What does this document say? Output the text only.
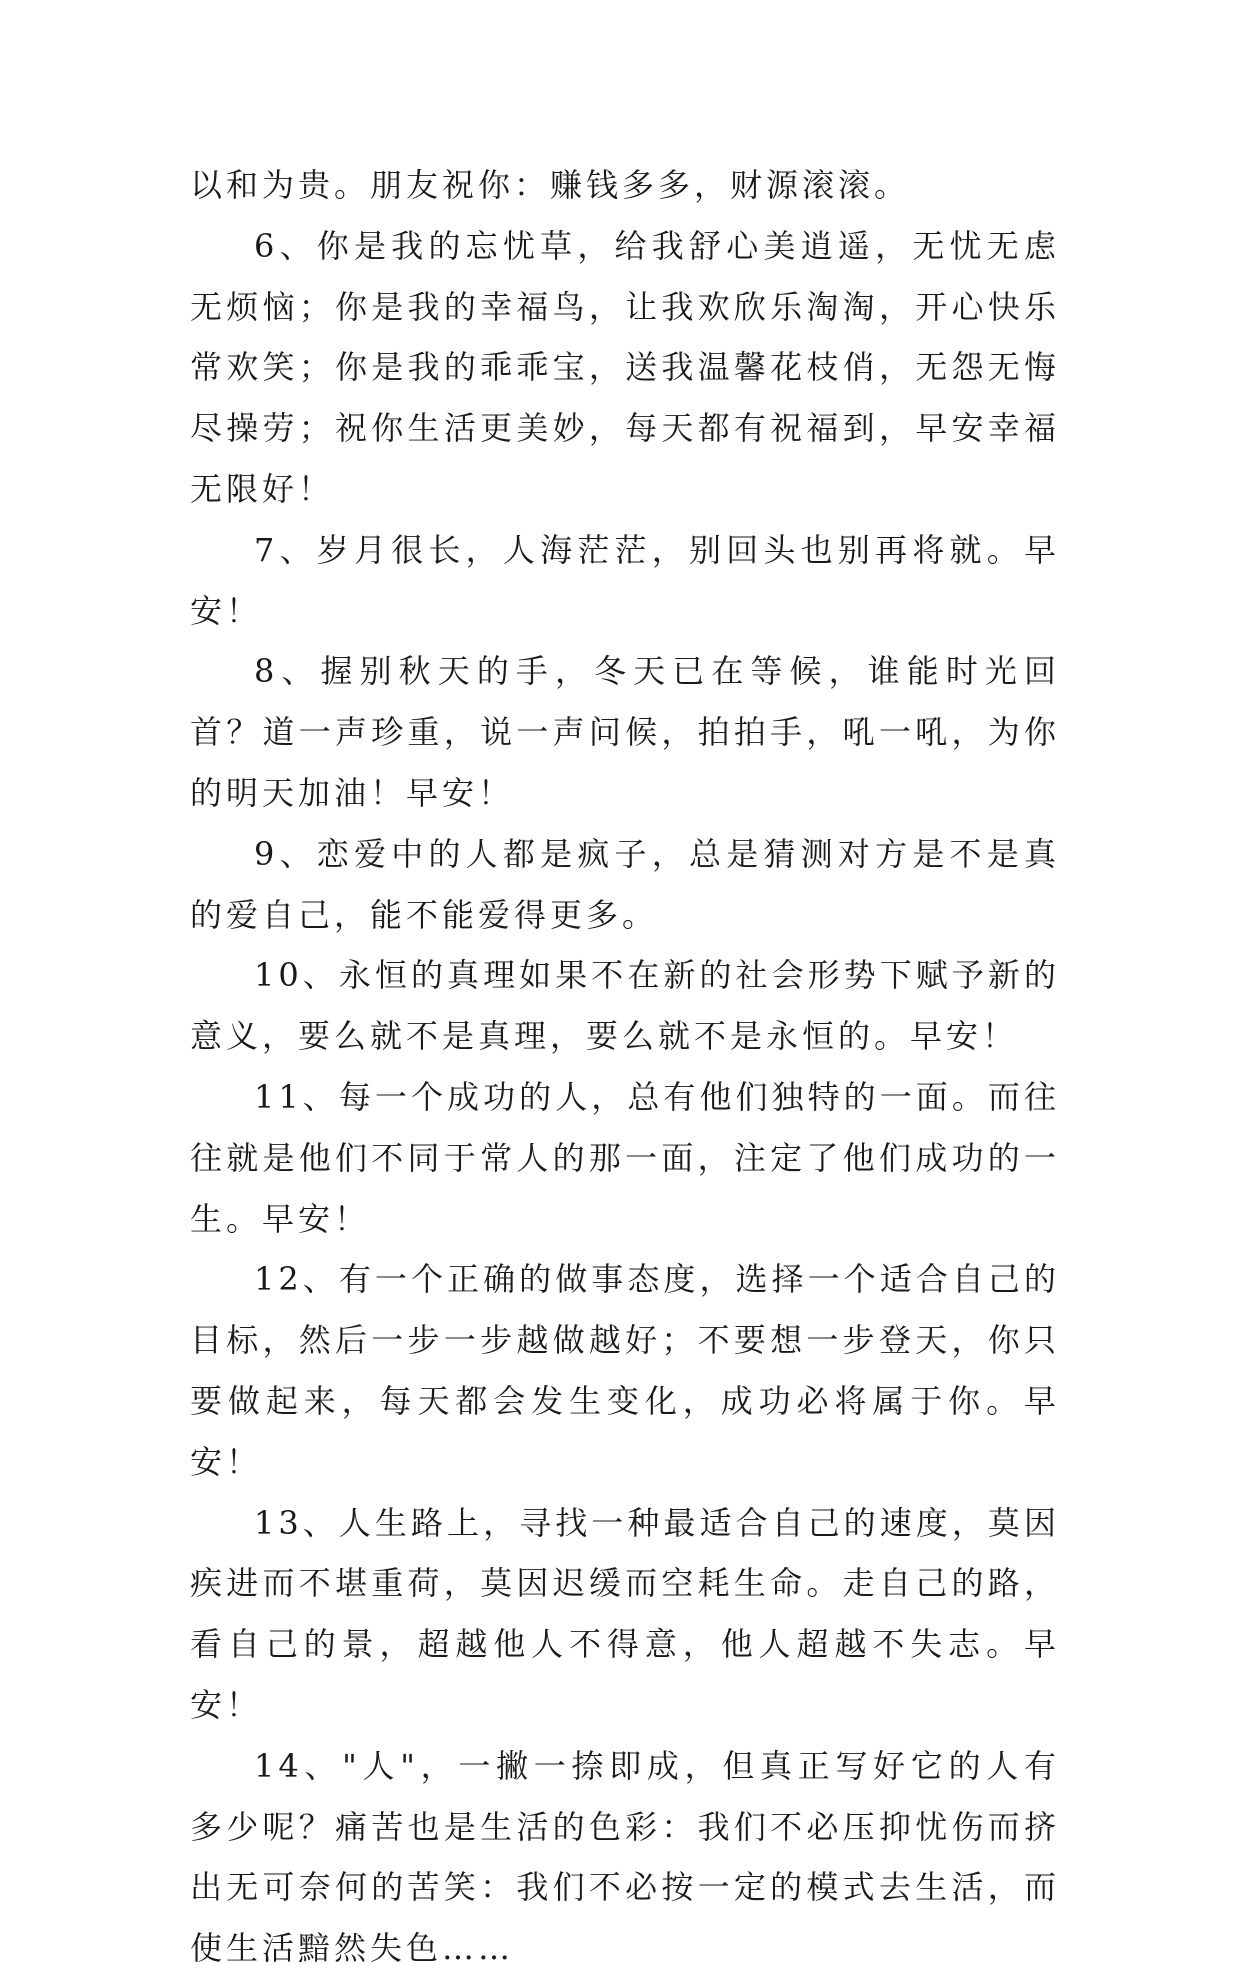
以和为贵。朋友祝你：赚钱多多，财源滚滚。

6、你是我的忘忧草，给我舒心美逍遥，无忧无虑无烦恼；你是我的幸福鸟，让我欢欣乐淘淘，开心快乐常欢笑；你是我的乖乖宝，送我温馨花枝俏，无怨无悔尽操劳；祝你生活更美妙，每天都有祝福到，早安幸福无限好！

7、岁月很长，人海茫茫，别回头也别再将就。早安！

8、握别秋天的手，冬天已在等候，谁能时光回首？道一声珍重，说一声问候，拍拍手，吼一吼，为你的明天加油！早安！

9、恋爱中的人都是疯子，总是猜测对方是不是真的爱自己，能不能爱得更多。

10、永恒的真理如果不在新的社会形势下赋予新的意义，要么就不是真理，要么就不是永恒的。早安！

11、每一个成功的人，总有他们独特的一面。而往往就是他们不同于常人的那一面，注定了他们成功的一生。早安！

12、有一个正确的做事态度，选择一个适合自己的目标，然后一步一步越做越好；不要想一步登天，你只要做起来，每天都会发生变化，成功必将属于你。早安！

13、人生路上，寻找一种最适合自己的速度，莫因疾进而不堪重荷，莫因迟缓而空耗生命。走自己的路，看自己的景，超越他人不得意，他人超越不失志。早安！

14、"人"，一撇一捺即成，但真正写好它的人有多少呢？痛苦也是生活的色彩：我们不必压抑忧伤而挤出无可奈何的苦笑：我们不必按一定的模式去生活，而使生活黯然失色……
